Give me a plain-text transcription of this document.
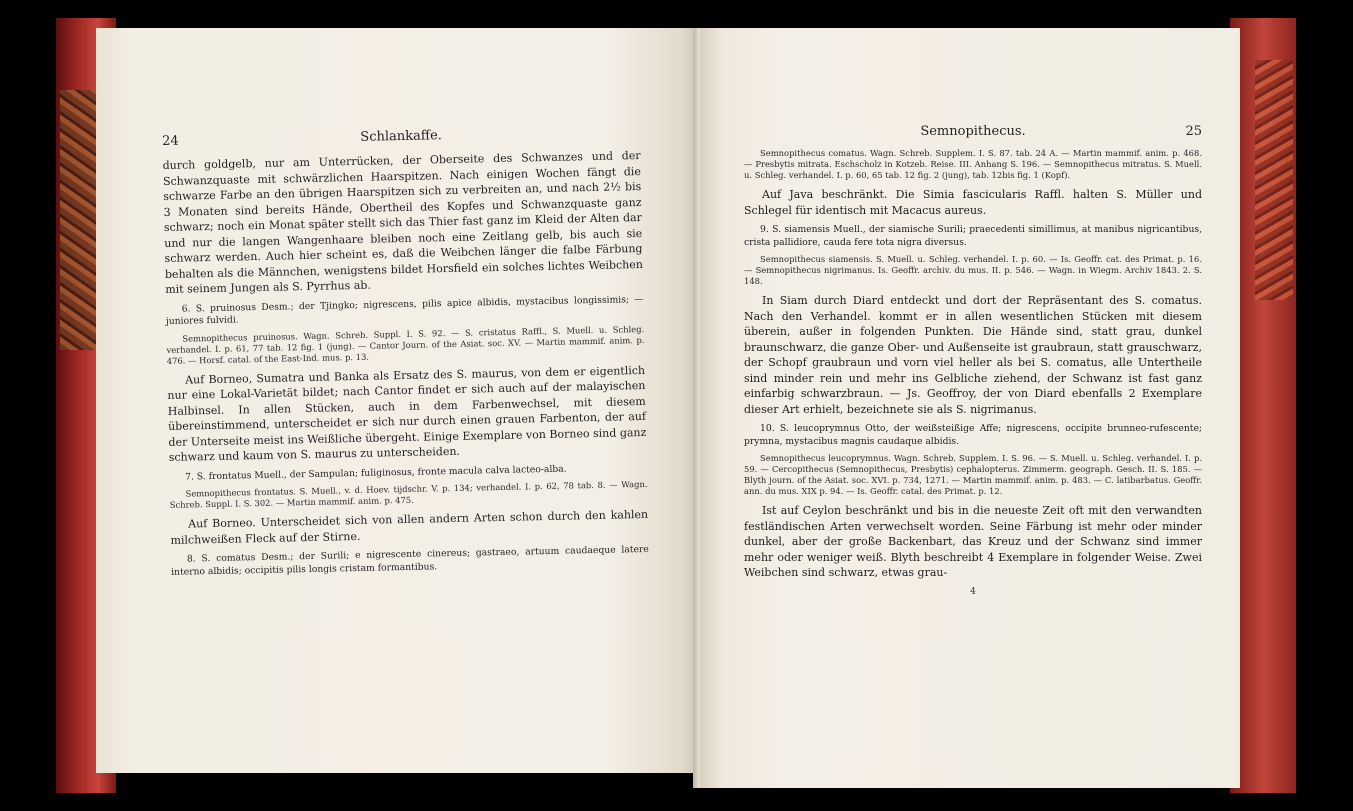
24	Schlankaffe.

durch goldgelb, nur am Unterrücken, der Oberseite des Schwanzes und der Schwanzquaste mit schwärzlichen Haarspitzen. Nach einigen Wochen fängt die schwarze Farbe an den übrigen Haarspitzen sich zu verbreiten an, und nach 2½ bis 3 Monaten sind bereits Hände, Obertheil des Kopfes und Schwanzquaste ganz schwarz; noch ein Monat später stellt sich das Thier fast ganz im Kleid der Alten dar und nur die langen Wangenhaare bleiben noch eine Zeitlang gelb, bis auch sie schwarz werden. Auch hier scheint es, daß die Weibchen länger die falbe Färbung behalten als die Männchen, wenigstens bildet Horsfield ein solches lichtes Weibchen mit seinem Jungen als S. Pyrrhus ab.

6. S. pruinosus Desm.; der Tjingko; nigrescens, pilis apice albidis, mystacibus longissimis; — juniores fulvidi.

Semnopithecus pruinosus. Wagn. Schreb. Suppl. I. S. 92. — S. cristatus Raffl., S. Muell. u. Schleg. verhandel. I. p. 61, 77 tab. 12 fig. 1 (jung). — Cantor Journ. of the Asiat. soc. XV. — Martin mammif. anim. p. 476. — Horsf. catal. of the East-Ind. mus. p. 13.

Auf Borneo, Sumatra und Banka als Ersatz des S. maurus, von dem er eigentlich nur eine Lokal-Varietät bildet; nach Cantor findet er sich auch auf der malayischen Halbinsel. In allen Stücken, auch in dem Farbenwechsel, mit diesem übereinstimmend, unterscheidet er sich nur durch einen grauen Farbenton, der auf der Unterseite meist ins Weißliche übergeht. Einige Exemplare von Borneo sind ganz schwarz und kaum von S. maurus zu unterscheiden.

7. S. frontatus Muell., der Sampulan; fuliginosus, fronte macula calva lacteo-alba.

Semnopithecus frontatus. S. Muell., v. d. Hoev. tijdschr. V. p. 134; verhandel. I. p. 62, 78 tab. 8. — Wagn. Schreb. Suppl. I. S. 302. — Martin mammif. anim. p. 475.

Auf Borneo. Unterscheidet sich von allen andern Arten schon durch den kahlen milchweißen Fleck auf der Stirne.

8. S. comatus Desm.; der Surili; e nigrescente cinereus; gastraeo, artuum caudaeque latere interno albidis; occipitis pilis longis cristam formantibus.

Semnopithecus.	25

Semnopithecus comatus. Wagn. Schreb. Supplem. I. S. 87. tab. 24 A. — Martin mammif. anim. p. 468. — Presbytis mitrata. Eschscholz in Kotzeb. Reise. III. Anhang S. 196. — Semnopithecus mitratus. S. Muell. u. Schleg. verhandel. I. p. 60, 65 tab. 12 fig. 2 (jung), tab. 12bis fig. 1 (Kopf).

Auf Java beschränkt. Die Simia fascicularis Raffl. halten S. Müller und Schlegel für identisch mit Macacus aureus.

9. S. siamensis Muell., der siamische Surili; praecedenti simillimus, at manibus nigricantibus, crista pallidiore, cauda fere tota nigra diversus.

Semnopithecus siamensis. S. Muell. u. Schleg. verhandel. I. p. 60. — Is. Geoffr. cat. des Primat. p. 16. — Semnopithecus nigrimanus. Is. Geoffr. archiv. du mus. II. p. 546. — Wagn. in Wiegm. Archiv 1843. 2. S. 148.

In Siam durch Diard entdeckt und dort der Repräsentant des S. comatus. Nach den Verhandel. kommt er in allen wesentlichen Stücken mit diesem überein, außer in folgenden Punkten. Die Hände sind, statt grau, dunkel braunschwarz, die ganze Ober- und Außenseite ist graubraun, statt grauschwarz, der Schopf graubraun und vorn viel heller als bei S. comatus, alle Untertheile sind minder rein und mehr ins Gelbliche ziehend, der Schwanz ist fast ganz einfarbig schwarzbraun. — Js. Geoffroy, der von Diard ebenfalls 2 Exemplare dieser Art erhielt, bezeichnete sie als S. nigrimanus.

10. S. leucoprymnus Otto, der weißsteißige Affe; nigrescens, occipite brunneo-rufescente; prymna, mystacibus magnis caudaque albidis.

Semnopithecus leucoprymnus. Wagn. Schreb. Supplem. I. S. 96. — S. Muell. u. Schleg. verhandel. I. p. 59. — Cercopithecus (Semnopithecus, Presbytis) cephalopterus. Zimmerm. geograph. Gesch. II. S. 185. — Blyth journ. of the Asiat. soc. XVI. p. 734, 1271. — Martin mammif. anim. p. 483. — C. latibarbatus. Geoffr. ann. du mus. XIX p. 94. — Is. Geoffr. catal. des Primat. p. 12.

Ist auf Ceylon beschränkt und bis in die neueste Zeit oft mit den verwandten festländischen Arten verwechselt worden. Seine Färbung ist mehr oder minder dunkel, aber der große Backenbart, das Kreuz und der Schwanz sind immer mehr oder weniger weiß. Blyth beschreibt 4 Exemplare in folgender Weise. Zwei Weibchen sind schwarz, etwas grau-

4
